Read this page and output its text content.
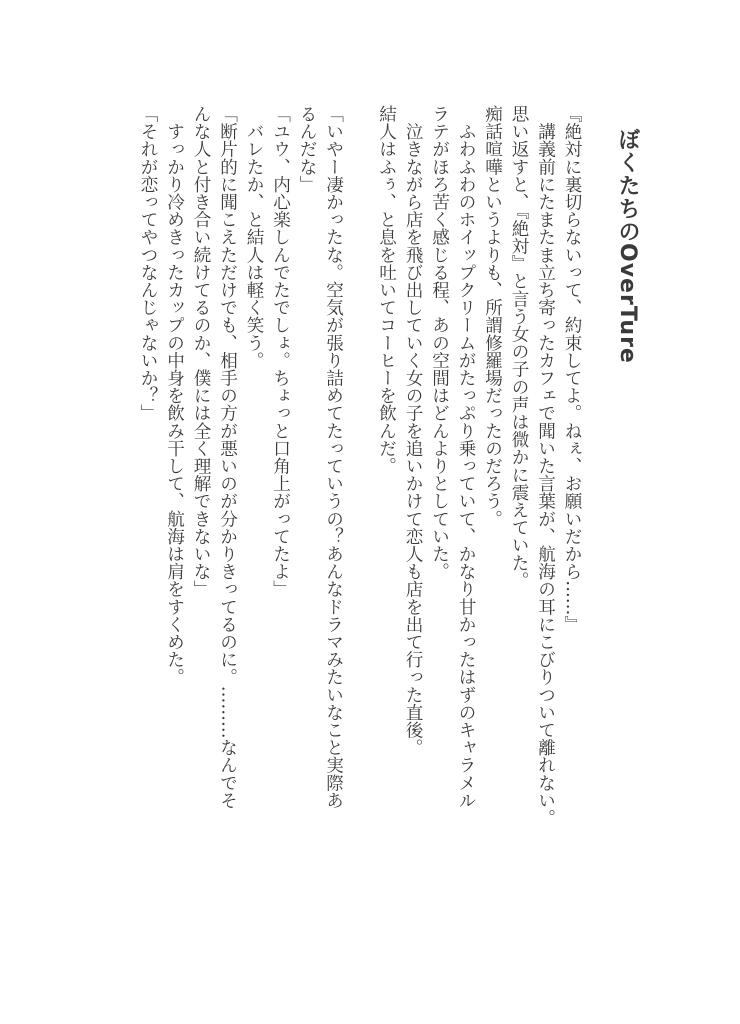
ぼくたちのOverTure
『絶対に裏切らないって、約束してよ。ねぇ、お願いだから……』
　講義前にたまたま立ち寄ったカフェで聞いた言葉が、航海の耳にこびりついて離れない。
思い返すと、『絶対』と言う女の子の声は微かに震えていた。
痴話喧嘩というよりも、所謂修羅場だったのだろう。
　ふわふわのホイップクリームがたっぷり乗っていて、かなり甘かったはずのキャラメル
ラテがほろ苦く感じる程、あの空間はどんよりとしていた。
　泣きながら店を飛び出していく女の子を追いかけて恋人も店を出て行った直後。
結人はふぅ、と息を吐いてコーヒーを飲んだ。
「いやー凄かったな。空気が張り詰めてたっていうの？あんなドラマみたいなこと実際あ
るんだな」
「ユウ、内心楽しんでたでしょ。ちょっと口角上がってたよ」
　バレたか、と結人は軽く笑う。
「断片的に聞こえただけでも、相手の方が悪いのが分かりきってるのに。………なんでそ
んな人と付き合い続けてるのか、僕には全く理解できないな」
　すっかり冷めきったカップの中身を飲み干して、航海は肩をすくめた。
「それが恋ってやつなんじゃないか？」
